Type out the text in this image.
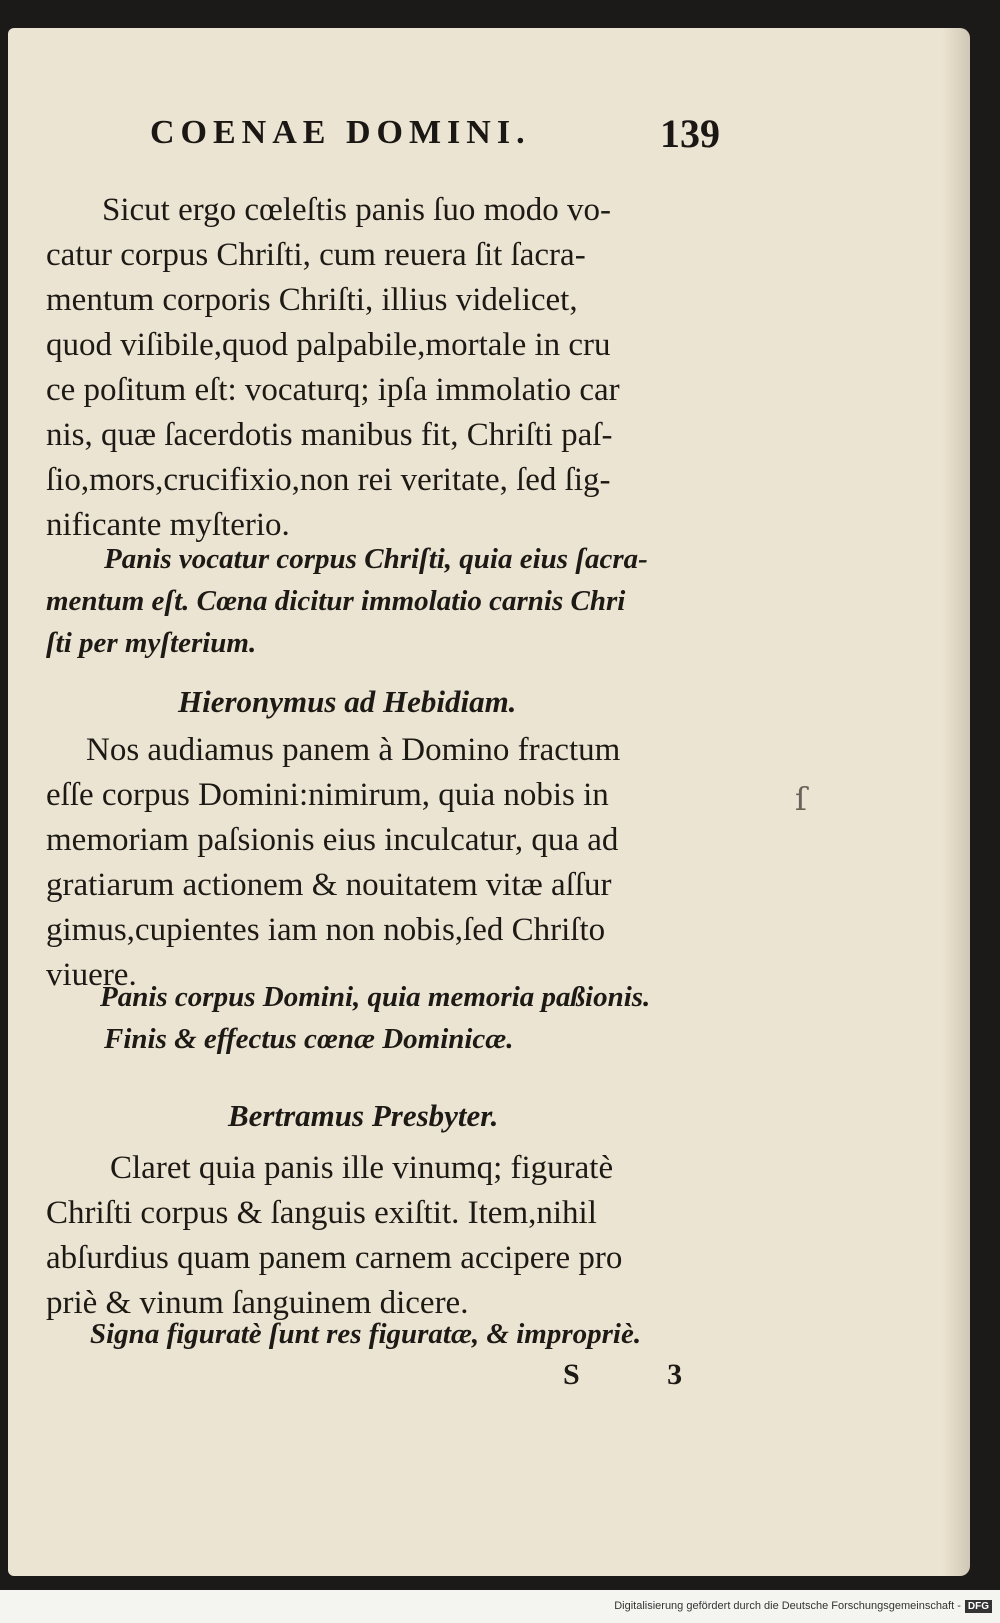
COENAE DOMINI.	139
Sicut ergo cœleſtis panis ſuo modo vo-
catur corpus Chriſti, cum reuera ſit ſacra-
mentum corporis Chriſti, illius videlicet,
quod viſibile,quod palpabile,mortale in cru
ce poſitum eſt: vocaturq; ipſa immolatio car
nis, quæ ſacerdotis manibus fit, Chriſti paſ-
ſio,mors,crucifixio,non rei veritate, ſed ſig-
nificante myſterio.
Panis vocatur corpus Chriſti, quia eius ſacra-
mentum eſt. Cœna dicitur immolatio carnis Chri
ſti per myſterium.
Hieronymus ad Hebidiam.
Nos audiamus panem à Domino fractum
eſſe corpus Domini:nimirum, quia nobis in
memoriam paſsionis eius inculcatur, qua ad
gratiarum actionem & nouitatem vitæ aſſur
gimus,cupientes iam non nobis,ſed Chriſto
viuere.
Panis corpus Domini, quia memoria paßionis.
Finis & effectus cœnæ Dominicæ.
Bertramus Presbyter.
Claret quia panis ille vinumq; figuratè
Chriſti corpus & ſanguis exiſtit. Item,nihil
abſurdius quam panem carnem accipere pro
priè & vinum ſanguinem dicere.
Signa figuratè ſunt res figuratæ, & impropriè.
S 3
ſ
Digitalisierung gefördert durch die Deutsche Forschungsgemeinschaft - DFG
